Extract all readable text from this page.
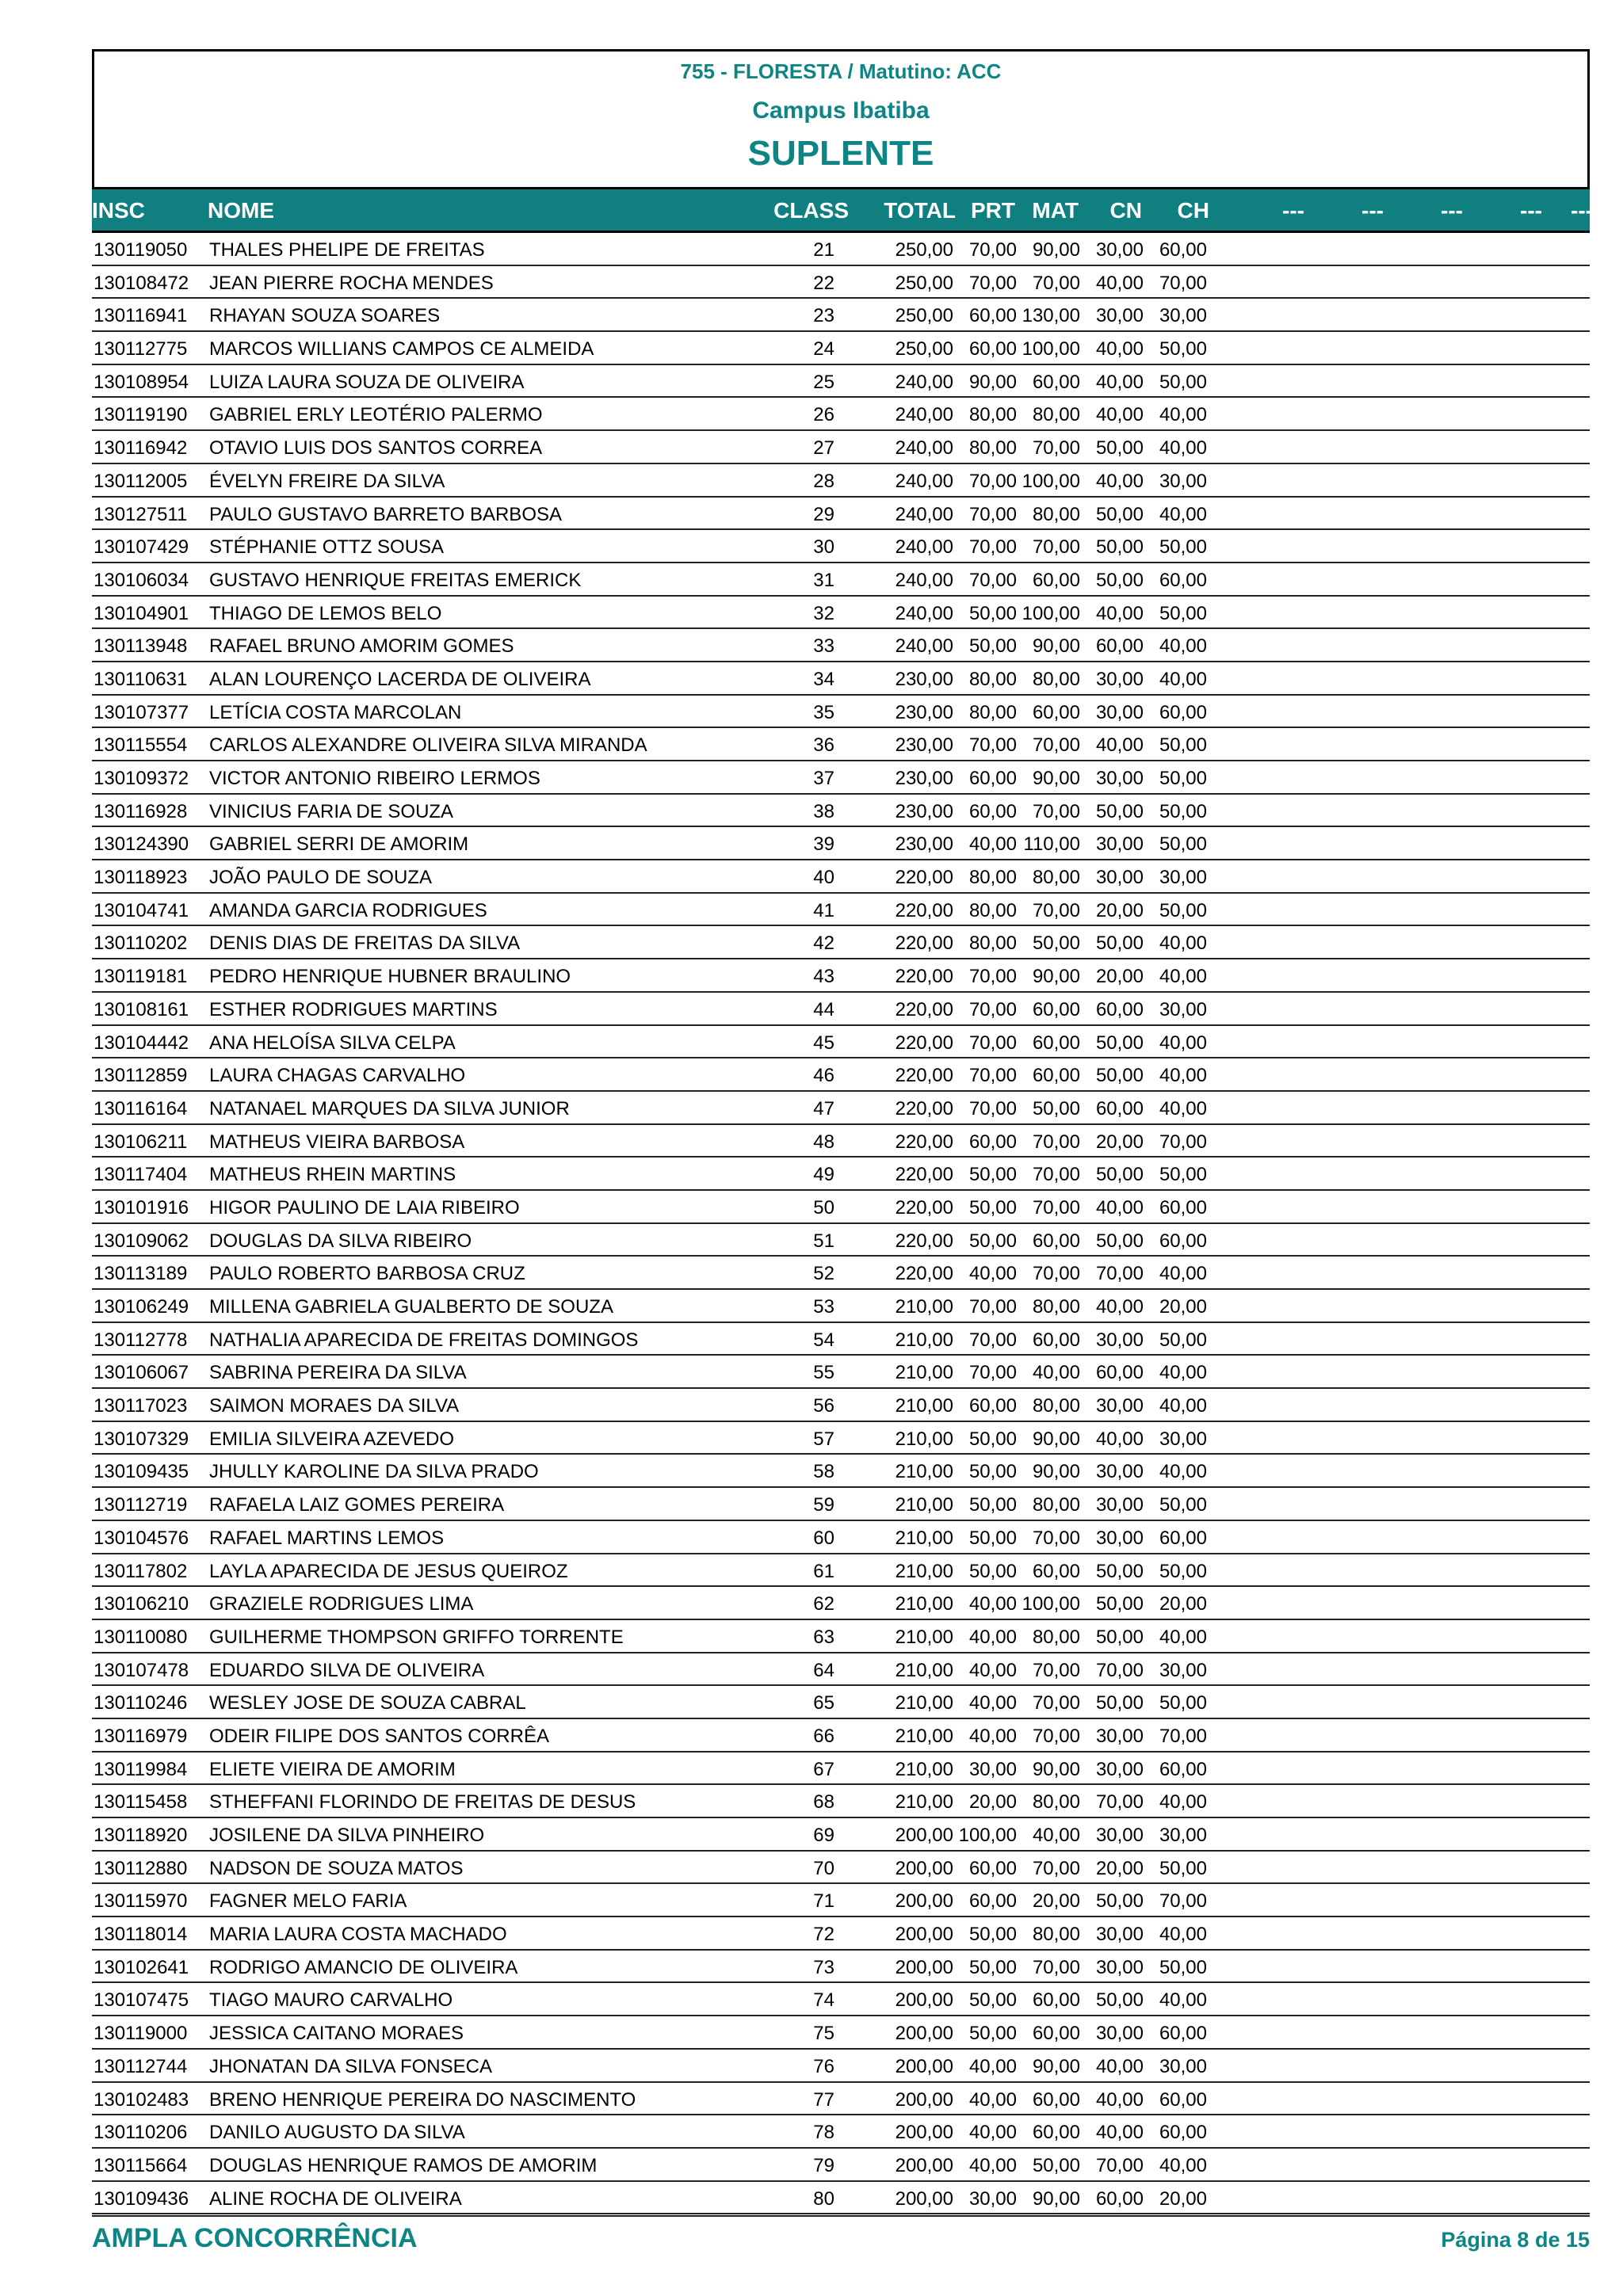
755 - FLORESTA / Matutino: ACC
Campus Ibatiba
SUPLENTE
INSC	NOME	CLASS TOTAL PRT MAT CN CH	---	---	---	--- ---
130119050 THALES PHELIPE DE FREITAS	21	250,00 70,00 90,00 30,00 60,00
130108472 JEAN PIERRE ROCHA MENDES	22	250,00 70,00 70,00 40,00 70,00
130116941 RHAYAN SOUZA SOARES	23	250,00 60,00 130,00 30,00 30,00
130112775 MARCOS WILLIANS CAMPOS CE ALMEIDA	24	250,00 60,00 100,00 40,00 50,00
130108954 LUIZA LAURA SOUZA DE OLIVEIRA	25	240,00 90,00 60,00 40,00 50,00
130119190 GABRIEL ERLY LEOTÉRIO PALERMO	26	240,00 80,00 80,00 40,00 40,00
130116942 OTAVIO LUIS DOS SANTOS CORREA	27	240,00 80,00 70,00 50,00 40,00
130112005 ÉVELYN FREIRE DA SILVA	28	240,00 70,00 100,00 40,00 30,00
130127511 PAULO GUSTAVO BARRETO BARBOSA	29	240,00 70,00 80,00 50,00 40,00
130107429 STÉPHANIE OTTZ SOUSA	30	240,00 70,00 70,00 50,00 50,00
130106034 GUSTAVO HENRIQUE FREITAS EMERICK	31	240,00 70,00 60,00 50,00 60,00
130104901 THIAGO DE LEMOS BELO	32	240,00 50,00 100,00 40,00 50,00
130113948 RAFAEL BRUNO AMORIM GOMES	33	240,00 50,00 90,00 60,00 40,00
130110631 ALAN LOURENÇO LACERDA DE OLIVEIRA	34	230,00 80,00 80,00 30,00 40,00
130107377 LETÍCIA COSTA MARCOLAN	35	230,00 80,00 60,00 30,00 60,00
130115554 CARLOS ALEXANDRE OLIVEIRA SILVA MIRANDA	36	230,00 70,00 70,00 40,00 50,00
130109372 VICTOR ANTONIO RIBEIRO LERMOS	37	230,00 60,00 90,00 30,00 50,00
130116928 VINICIUS FARIA DE SOUZA	38	230,00 60,00 70,00 50,00 50,00
130124390 GABRIEL SERRI DE AMORIM	39	230,00 40,00 110,00 30,00 50,00
130118923 JOÃO PAULO DE SOUZA	40	220,00 80,00 80,00 30,00 30,00
130104741 AMANDA GARCIA RODRIGUES	41	220,00 80,00 70,00 20,00 50,00
130110202 DENIS DIAS DE FREITAS DA SILVA	42	220,00 80,00 50,00 50,00 40,00
130119181 PEDRO HENRIQUE HUBNER BRAULINO	43	220,00 70,00 90,00 20,00 40,00
130108161 ESTHER RODRIGUES MARTINS	44	220,00 70,00 60,00 60,00 30,00
130104442 ANA HELOÍSA SILVA CELPA	45	220,00 70,00 60,00 50,00 40,00
130112859 LAURA CHAGAS CARVALHO	46	220,00 70,00 60,00 50,00 40,00
130116164 NATANAEL MARQUES DA SILVA JUNIOR	47	220,00 70,00 50,00 60,00 40,00
130106211 MATHEUS VIEIRA BARBOSA	48	220,00 60,00 70,00 20,00 70,00
130117404 MATHEUS RHEIN MARTINS	49	220,00 50,00 70,00 50,00 50,00
130101916 HIGOR PAULINO DE LAIA RIBEIRO	50	220,00 50,00 70,00 40,00 60,00
130109062 DOUGLAS DA SILVA RIBEIRO	51	220,00 50,00 60,00 50,00 60,00
130113189 PAULO ROBERTO BARBOSA CRUZ	52	220,00 40,00 70,00 70,00 40,00
130106249 MILLENA GABRIELA GUALBERTO DE SOUZA	53	210,00 70,00 80,00 40,00 20,00
130112778 NATHALIA APARECIDA DE FREITAS DOMINGOS	54	210,00 70,00 60,00 30,00 50,00
130106067 SABRINA PEREIRA DA SILVA	55	210,00 70,00 40,00 60,00 40,00
130117023 SAIMON MORAES DA SILVA	56	210,00 60,00 80,00 30,00 40,00
130107329 EMILIA SILVEIRA AZEVEDO	57	210,00 50,00 90,00 40,00 30,00
130109435 JHULLY KAROLINE DA SILVA PRADO	58	210,00 50,00 90,00 30,00 40,00
130112719 RAFAELA LAIZ GOMES PEREIRA	59	210,00 50,00 80,00 30,00 50,00
130104576 RAFAEL MARTINS LEMOS	60	210,00 50,00 70,00 30,00 60,00
130117802 LAYLA APARECIDA DE JESUS QUEIROZ	61	210,00 50,00 60,00 50,00 50,00
130106210 GRAZIELE RODRIGUES LIMA	62	210,00 40,00 100,00 50,00 20,00
130110080 GUILHERME THOMPSON GRIFFO TORRENTE	63	210,00 40,00 80,00 50,00 40,00
130107478 EDUARDO SILVA DE OLIVEIRA	64	210,00 40,00 70,00 70,00 30,00
130110246 WESLEY JOSE DE SOUZA CABRAL	65	210,00 40,00 70,00 50,00 50,00
130116979 ODEIR FILIPE DOS SANTOS CORRÊA	66	210,00 40,00 70,00 30,00 70,00
130119984 ELIETE VIEIRA DE AMORIM	67	210,00 30,00 90,00 30,00 60,00
130115458 STHEFFANI FLORINDO DE FREITAS DE DESUS	68	210,00 20,00 80,00 70,00 40,00
130118920 JOSILENE DA SILVA PINHEIRO	69	200,00 100,00 40,00 30,00 30,00
130112880 NADSON DE SOUZA MATOS	70	200,00 60,00 70,00 20,00 50,00
130115970 FAGNER MELO FARIA	71	200,00 60,00 20,00 50,00 70,00
130118014 MARIA LAURA COSTA MACHADO	72	200,00 50,00 80,00 30,00 40,00
130102641 RODRIGO AMANCIO DE OLIVEIRA	73	200,00 50,00 70,00 30,00 50,00
130107475 TIAGO MAURO CARVALHO	74	200,00 50,00 60,00 50,00 40,00
130119000 JESSICA CAITANO MORAES	75	200,00 50,00 60,00 30,00 60,00
130112744 JHONATAN DA SILVA FONSECA	76	200,00 40,00 90,00 40,00 30,00
130102483 BRENO HENRIQUE PEREIRA DO NASCIMENTO	77	200,00 40,00 60,00 40,00 60,00
130110206 DANILO AUGUSTO DA SILVA	78	200,00 40,00 60,00 40,00 60,00
130115664 DOUGLAS HENRIQUE RAMOS DE AMORIM	79	200,00 40,00 50,00 70,00 40,00
130109436 ALINE ROCHA DE OLIVEIRA	80	200,00 30,00 90,00 60,00 20,00
AMPLA CONCORRÊNCIA	Página 8 de 15
